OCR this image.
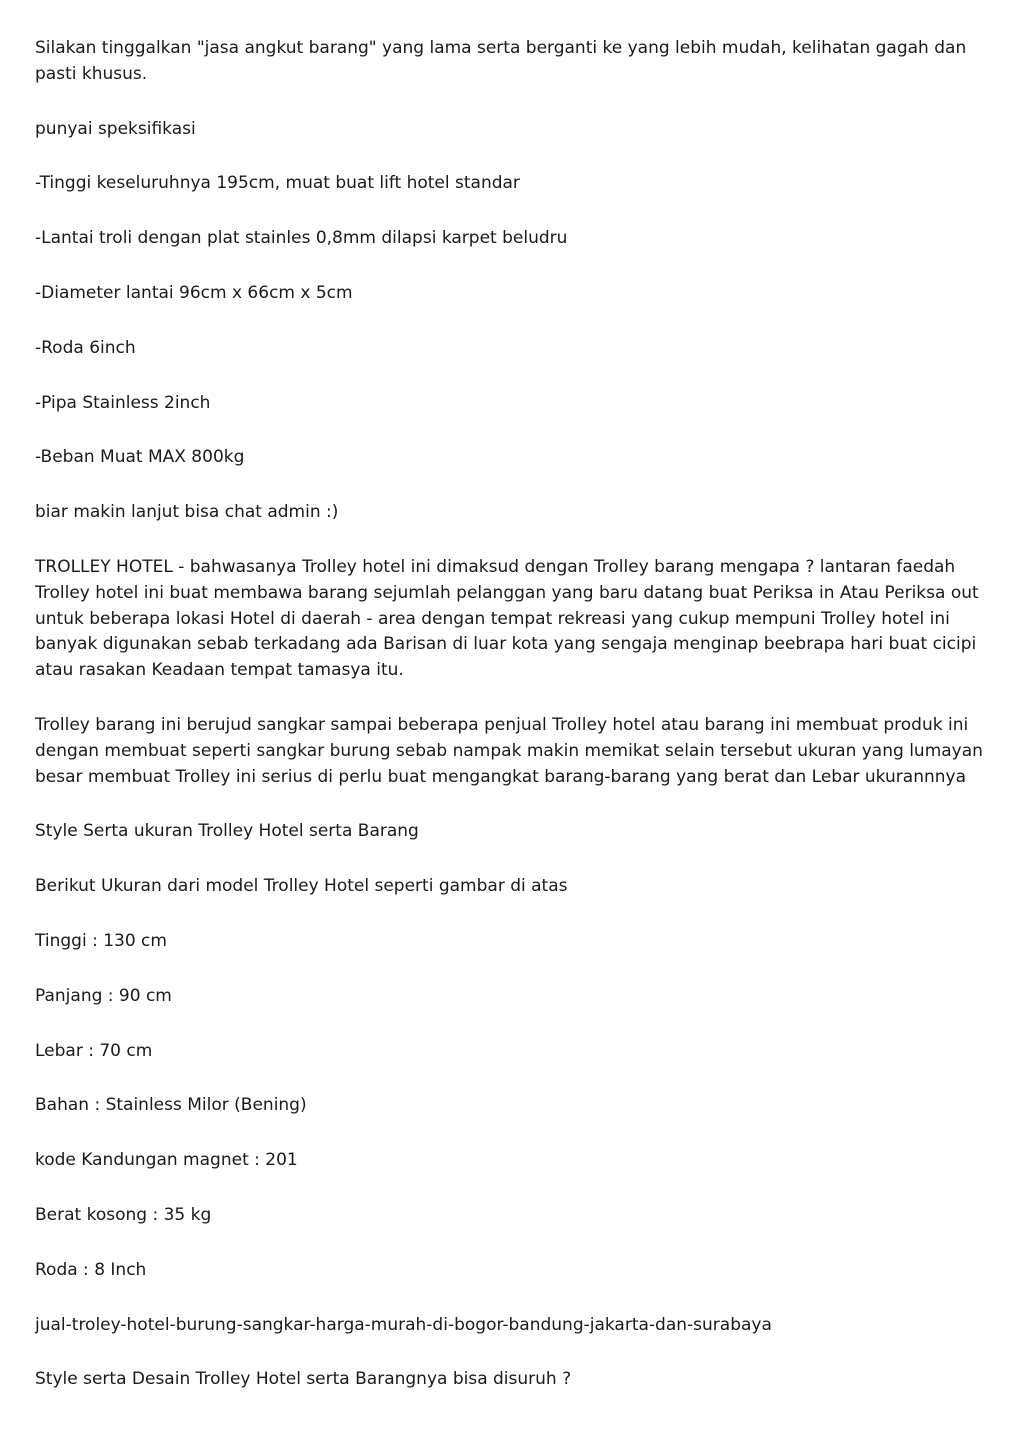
Silakan tinggalkan "jasa angkut barang" yang lama serta berganti ke yang lebih mudah, kelihatan gagah dan pasti khusus.

punyai speksifikasi

-Tinggi keseluruhnya 195cm, muat buat lift hotel standar

-Lantai troli dengan plat stainles 0,8mm dilapsi karpet beludru

-Diameter lantai 96cm x 66cm x 5cm

-Roda 6inch

-Pipa Stainless 2inch

-Beban Muat MAX 800kg

biar makin lanjut bisa chat admin :)

TROLLEY HOTEL - bahwasanya Trolley hotel ini dimaksud dengan Trolley barang mengapa ? lantaran faedah Trolley hotel ini buat membawa barang sejumlah pelanggan yang baru datang buat Periksa in Atau Periksa out untuk beberapa lokasi Hotel di daerah - area dengan tempat rekreasi yang cukup mempuni Trolley hotel ini banyak digunakan sebab terkadang ada Barisan di luar kota yang sengaja menginap beebrapa hari buat cicipi atau rasakan Keadaan tempat tamasya itu.

Trolley barang ini berujud sangkar sampai beberapa penjual Trolley hotel atau barang ini membuat produk ini dengan membuat seperti sangkar burung sebab nampak makin memikat selain tersebut ukuran yang lumayan besar membuat Trolley ini serius di perlu buat mengangkat barang-barang yang berat dan Lebar ukurannnya

Style Serta ukuran Trolley Hotel serta Barang

Berikut Ukuran dari model Trolley Hotel seperti gambar di atas

Tinggi : 130 cm

Panjang : 90 cm

Lebar : 70 cm

Bahan : Stainless Milor (Bening)

kode Kandungan magnet : 201

Berat kosong : 35 kg

Roda : 8 Inch

jual-troley-hotel-burung-sangkar-harga-murah-di-bogor-bandung-jakarta-dan-surabaya

Style serta Desain Trolley Hotel serta Barangnya bisa disuruh ?
